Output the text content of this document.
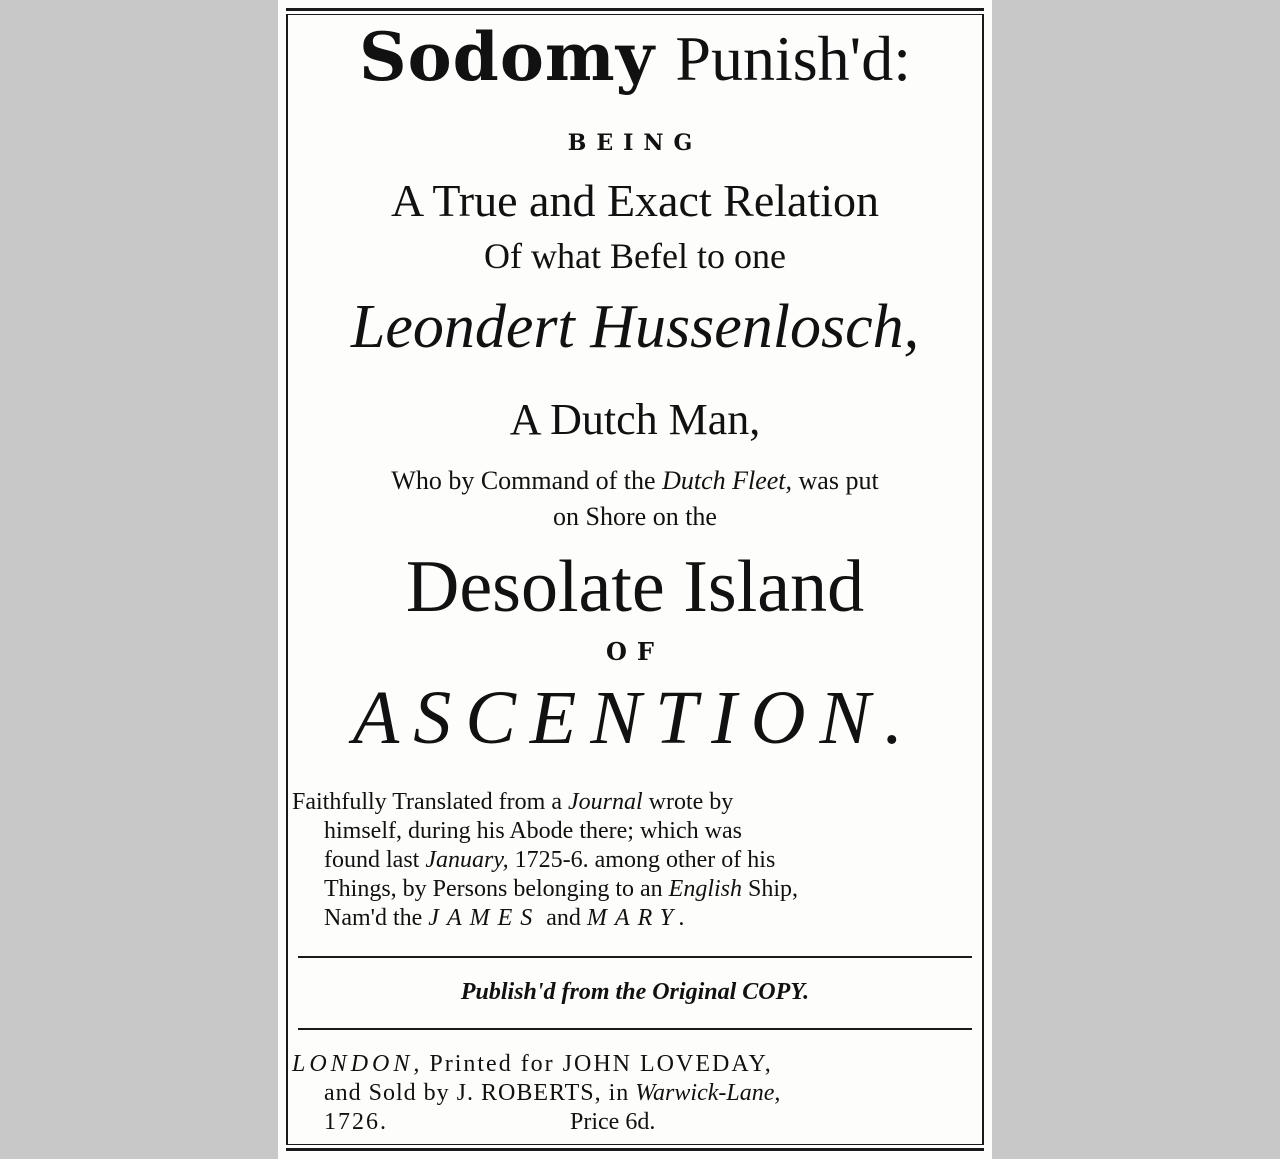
Sodomy Punish'd:
BEING
A True and Exact Relation
Of what Befel to one
Leondert Hussenlosch,
A Dutch Man,
Who by Command of the Dutch Fleet, was put
on Shore on the
Desolate Island
OF
ASCENTION.
Faithfully Translated from a Journal wrote by
himself, during his Abode there; which was
found last January, 1725-6. among other of his
Things, by Persons belonging to an English Ship,
Nam'd the JAMES and MARY.
Publish'd from the Original COPY.
LONDON, Printed for JOHN LOVEDAY,
and Sold by J. ROBERTS, in Warwick-Lane,
1726.	Price 6d.
